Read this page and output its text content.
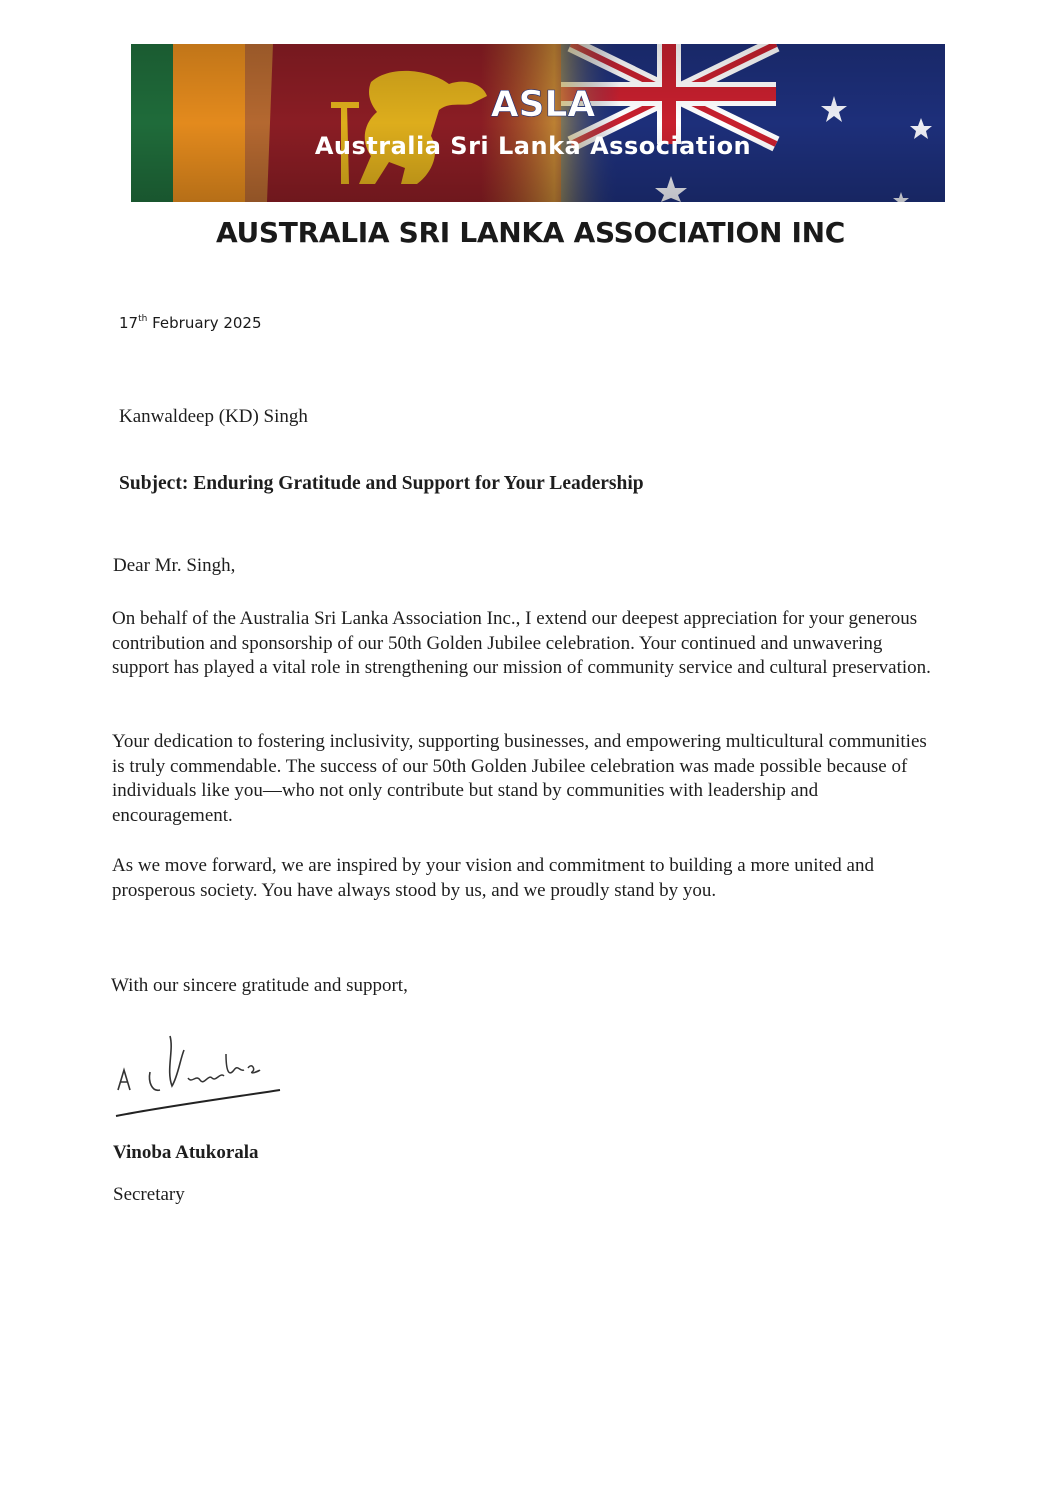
ASLA
Australia Sri Lanka Association
AUSTRALIA SRI LANKA ASSOCIATION INC
17th February 2025
Kanwaldeep (KD) Singh
Subject: Enduring Gratitude and Support for Your Leadership
Dear Mr. Singh,

On behalf of the Australia Sri Lanka Association Inc., I extend our deepest appreciation for your generous contribution and sponsorship of our 50th Golden Jubilee celebration. Your continued and unwavering support has played a vital role in strengthening our mission of community service and cultural preservation.

Your dedication to fostering inclusivity, supporting businesses, and empowering multicultural communities is truly commendable. The success of our 50th Golden Jubilee celebration was made possible because of individuals like you—who not only contribute but stand by communities with leadership and encouragement.

As we move forward, we are inspired by your vision and commitment to building a more united and prosperous society. You have always stood by us, and we proudly stand by you.

With our sincere gratitude and support,
Vinoba Atukorala
Secretary
